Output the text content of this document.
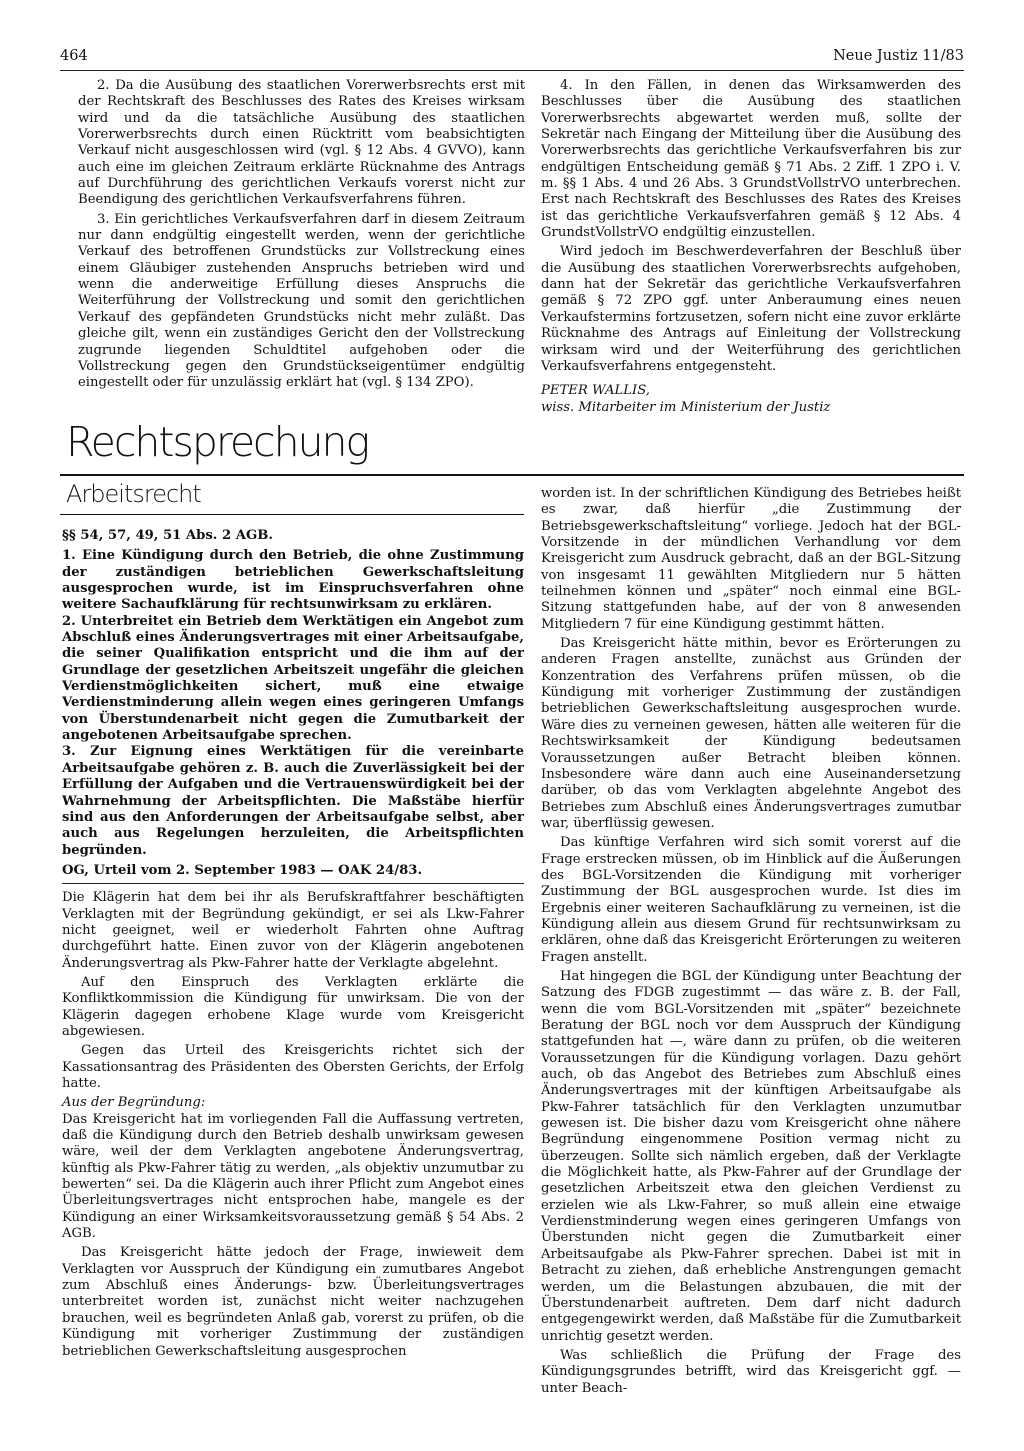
464	Neue Justiz 11/83

2. Da die Ausübung des staatlichen Vorerwerbsrechts erst mit der Rechtskraft des Beschlusses des Rates des Kreises wirksam wird und da die tatsächliche Ausübung des staatlichen Vorerwerbsrechts durch einen Rücktritt vom beabsichtigten Verkauf nicht ausgeschlossen wird (vgl. § 12 Abs. 4 GVVO), kann auch eine im gleichen Zeitraum erklärte Rücknahme des Antrags auf Durchführung des gerichtlichen Verkaufs vorerst nicht zur Beendigung des gerichtlichen Verkaufsverfahrens führen.

3. Ein gerichtliches Verkaufsverfahren darf in diesem Zeitraum nur dann endgültig eingestellt werden, wenn der gerichtliche Verkauf des betroffenen Grundstücks zur Vollstreckung eines einem Gläubiger zustehenden Anspruchs betrieben wird und wenn die anderweitige Erfüllung dieses Anspruchs die Weiterführung der Vollstreckung und somit den gerichtlichen Verkauf des gepfändeten Grundstücks nicht mehr zuläßt. Das gleiche gilt, wenn ein zuständiges Gericht den der Vollstreckung zugrunde liegenden Schuldtitel aufgehoben oder die Vollstreckung gegen den Grundstückseigentümer endgültig eingestellt oder für unzulässig erklärt hat (vgl. § 134 ZPO).

4. In den Fällen, in denen das Wirksamwerden des Beschlusses über die Ausübung des staatlichen Vorerwerbsrechts abgewartet werden muß, sollte der Sekretär nach Eingang der Mitteilung über die Ausübung des Vorerwerbsrechts das gerichtliche Verkaufsverfahren bis zur endgültigen Entscheidung gemäß § 71 Abs. 2 Ziff. 1 ZPO i. V. m. §§ 1 Abs. 4 und 26 Abs. 3 GrundstVollstrVO unterbrechen. Erst nach Rechtskraft des Beschlusses des Rates des Kreises ist das gerichtliche Verkaufsverfahren gemäß § 12 Abs. 4 GrundstVollstrVO endgültig einzustellen.

Wird jedoch im Beschwerdeverfahren der Beschluß über die Ausübung des staatlichen Vorerwerbsrechts aufgehoben, dann hat der Sekretär das gerichtliche Verkaufsverfahren gemäß § 72 ZPO ggf. unter Anberaumung eines neuen Verkaufstermins fortzusetzen, sofern nicht eine zuvor erklärte Rücknahme des Antrags auf Einleitung der Vollstreckung wirksam wird und der Weiterführung des gerichtlichen Verkaufsverfahrens entgegensteht.

PETER WALLIS,
wiss. Mitarbeiter im Ministerium der Justiz
Rechtsprechung
Arbeitsrecht

§§ 54, 57, 49, 51 Abs. 2 AGB.

1. Eine Kündigung durch den Betrieb, die ohne Zustimmung der zuständigen betrieblichen Gewerkschaftsleitung ausgesprochen wurde, ist im Einspruchsverfahren ohne weitere Sachaufklärung für rechtsunwirksam zu erklären.

2. Unterbreitet ein Betrieb dem Werktätigen ein Angebot zum Abschluß eines Änderungsvertrages mit einer Arbeitsaufgabe, die seiner Qualifikation entspricht und die ihm auf der Grundlage der gesetzlichen Arbeitszeit ungefähr die gleichen Verdienstmöglichkeiten sichert, muß eine etwaige Verdienstminderung allein wegen eines geringeren Umfangs von Überstundenarbeit nicht gegen die Zumutbarkeit der angebotenen Arbeitsaufgabe sprechen.

3. Zur Eignung eines Werktätigen für die vereinbarte Arbeitsaufgabe gehören z. B. auch die Zuverlässigkeit bei der Erfüllung der Aufgaben und die Vertrauenswürdigkeit bei der Wahrnehmung der Arbeitspflichten. Die Maßstäbe hierfür sind aus den Anforderungen der Arbeitsaufgabe selbst, aber auch aus Regelungen herzuleiten, die Arbeitspflichten begründen.

OG, Urteil vom 2. September 1983 — OAK 24/83.

Die Klägerin hat dem bei ihr als Berufskraftfahrer beschäftigten Verklagten mit der Begründung gekündigt, er sei als Lkw-Fahrer nicht geeignet, weil er wiederholt Fahrten ohne Auftrag durchgeführt hatte. Einen zuvor von der Klägerin angebotenen Änderungsvertrag als Pkw-Fahrer hatte der Verklagte abgelehnt.

Auf den Einspruch des Verklagten erklärte die Konfliktkommission die Kündigung für unwirksam. Die von der Klägerin dagegen erhobene Klage wurde vom Kreisgericht abgewiesen.

Gegen das Urteil des Kreisgerichts richtet sich der Kassationsantrag des Präsidenten des Obersten Gerichts, der Erfolg hatte.

Aus der Begründung:

Das Kreisgericht hat im vorliegenden Fall die Auffassung vertreten, daß die Kündigung durch den Betrieb deshalb unwirksam gewesen wäre, weil der dem Verklagten angebotene Änderungsvertrag, künftig als Pkw-Fahrer tätig zu werden, „als objektiv unzumutbar zu bewerten“ sei. Da die Klägerin auch ihrer Pflicht zum Angebot eines Überleitungsvertrages nicht entsprochen habe, mangele es der Kündigung an einer Wirksamkeitsvoraussetzung gemäß § 54 Abs. 2 AGB.

Das Kreisgericht hätte jedoch der Frage, inwieweit dem Verklagten vor Ausspruch der Kündigung ein zumutbares Angebot zum Abschluß eines Änderungs- bzw. Überleitungsvertrages unterbreitet worden ist, zunächst nicht weiter nachzugehen brauchen, weil es begründeten Anlaß gab, vorerst zu prüfen, ob die Kündigung mit vorheriger Zustimmung der zuständigen betrieblichen Gewerkschaftsleitung ausgesprochen

worden ist. In der schriftlichen Kündigung des Betriebes heißt es zwar, daß hierfür „die Zustimmung der Betriebsgewerkschaftsleitung“ vorliege. Jedoch hat der BGL-Vorsitzende in der mündlichen Verhandlung vor dem Kreisgericht zum Ausdruck gebracht, daß an der BGL-Sitzung von insgesamt 11 gewählten Mitgliedern nur 5 hätten teilnehmen können und „später“ noch einmal eine BGL-Sitzung stattgefunden habe, auf der von 8 anwesenden Mitgliedern 7 für eine Kündigung gestimmt hätten.

Das Kreisgericht hätte mithin, bevor es Erörterungen zu anderen Fragen anstellte, zunächst aus Gründen der Konzentration des Verfahrens prüfen müssen, ob die Kündigung mit vorheriger Zustimmung der zuständigen betrieblichen Gewerkschaftsleitung ausgesprochen wurde. Wäre dies zu verneinen gewesen, hätten alle weiteren für die Rechtswirksamkeit der Kündigung bedeutsamen Voraussetzungen außer Betracht bleiben können. Insbesondere wäre dann auch eine Auseinandersetzung darüber, ob das vom Verklagten abgelehnte Angebot des Betriebes zum Abschluß eines Änderungsvertrages zumutbar war, überflüssig gewesen.

Das künftige Verfahren wird sich somit vorerst auf die Frage erstrecken müssen, ob im Hinblick auf die Äußerungen des BGL-Vorsitzenden die Kündigung mit vorheriger Zustimmung der BGL ausgesprochen wurde. Ist dies im Ergebnis einer weiteren Sachaufklärung zu verneinen, ist die Kündigung allein aus diesem Grund für rechtsunwirksam zu erklären, ohne daß das Kreisgericht Erörterungen zu weiteren Fragen anstellt.

Hat hingegen die BGL der Kündigung unter Beachtung der Satzung des FDGB zugestimmt — das wäre z. B. der Fall, wenn die vom BGL-Vorsitzenden mit „später“ bezeichnete Beratung der BGL noch vor dem Ausspruch der Kündigung stattgefunden hat —, wäre dann zu prüfen, ob die weiteren Voraussetzungen für die Kündigung vorlagen. Dazu gehört auch, ob das Angebot des Betriebes zum Abschluß eines Änderungsvertrages mit der künftigen Arbeitsaufgabe als Pkw-Fahrer tatsächlich für den Verklagten unzumutbar gewesen ist. Die bisher dazu vom Kreisgericht ohne nähere Begründung eingenommene Position vermag nicht zu überzeugen. Sollte sich nämlich ergeben, daß der Verklagte die Möglichkeit hatte, als Pkw-Fahrer auf der Grundlage der gesetzlichen Arbeitszeit etwa den gleichen Verdienst zu erzielen wie als Lkw-Fahrer, so muß allein eine etwaige Verdienstminderung wegen eines geringeren Umfangs von Überstunden nicht gegen die Zumutbarkeit einer Arbeitsaufgabe als Pkw-Fahrer sprechen. Dabei ist mit in Betracht zu ziehen, daß erhebliche Anstrengungen gemacht werden, um die Belastungen abzubauen, die mit der Überstundenarbeit auftreten. Dem darf nicht dadurch entgegengewirkt werden, daß Maßstäbe für die Zumutbarkeit unrichtig gesetzt werden.

Was schließlich die Prüfung der Frage des Kündigungsgrundes betrifft, wird das Kreisgericht ggf. — unter Beach-
